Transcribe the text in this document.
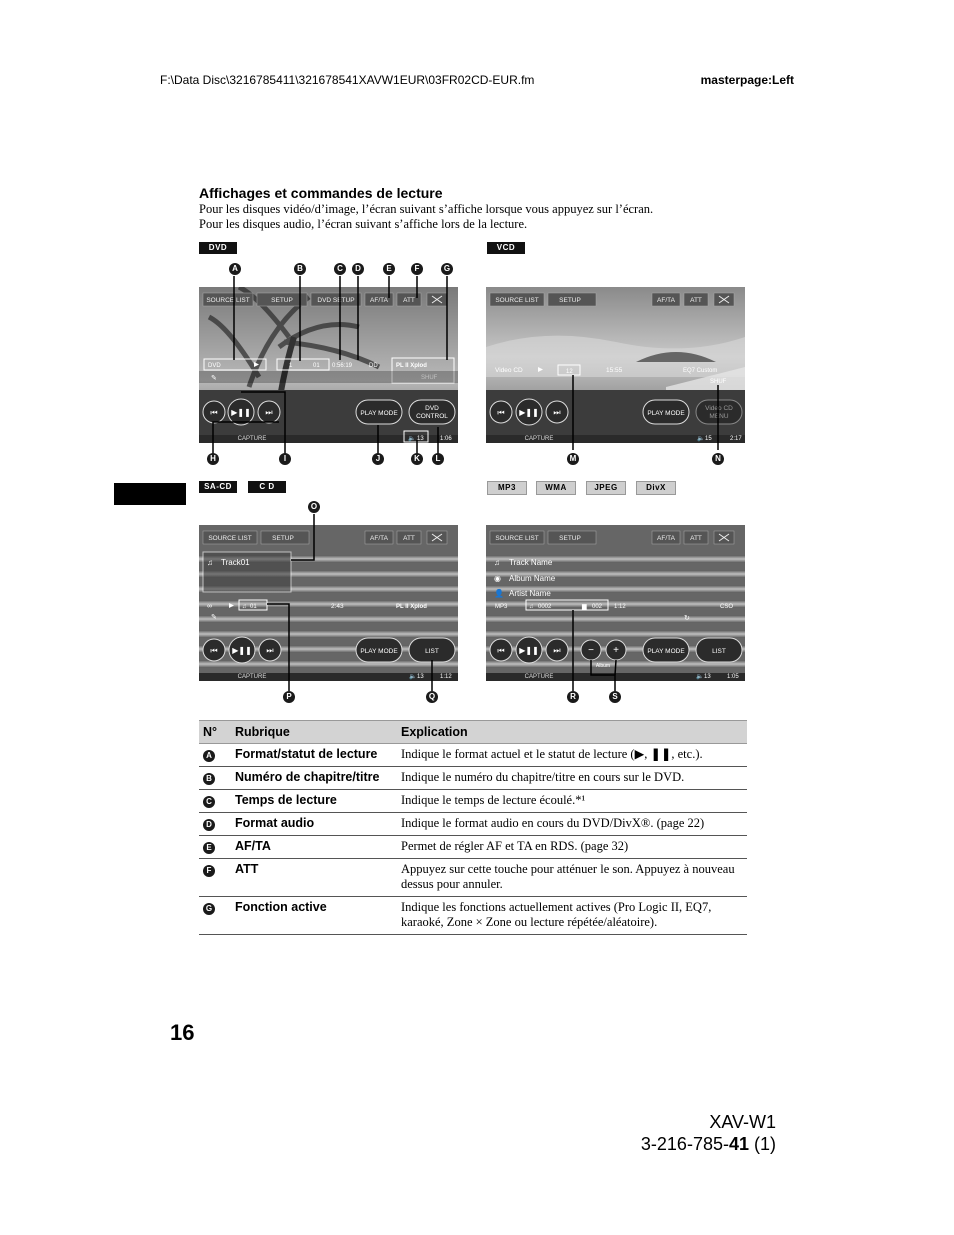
F:\Data Disc\3216785411\321678541XAVW1EUR\03FR02CD-EUR.fm	masterpage:Left
Affichages et commandes de lecture
Pour les disques vidéo/d’image, l’écran suivant s’affiche lorsque vous appuyez sur l’écran.
Pour les disques audio, l’écran suivant s’affiche lors de la lecture.
DVD	VCD
SA-CD	C D	MP3	WMA	JPEG	DivX
SOURCE LIST	SETUP	DVD SETUP AF/TA ATT
DVD	1	01 0:56:19	DD	PL II Xplod
SHUF
✎
⏮ ▶❚❚ ⏭	PLAY MODE
DVD
CONTROL
CAPTURE	🔈 13	1:06
A	B	C	D	E	F	G
H	I	J	K	L
SOURCE LIST	SETUP	AF/TA ATT
Video CD	12	15:55	EQ7 Custom
SHUF
⏮ ▶❚❚ ⏭	PLAY MODE
Video CD
MENU
CAPTURE	🔈 15	2:17
M	N
SOURCE LIST	SETUP	AF/TA ATT
♫ Track01
∞	♫ 01	2:43	PL II Xplod
✎
⏮ ▶❚❚ ⏭	PLAY MODE	LIST
CAPTURE	🔈 13	1:12
O
P	Q
SOURCE LIST	SETUP	AF/TA ATT
♫ Track Name
◉ Album Name
👤 Artist Name
MP3	♫ 0002	▆ 002 1:12	CSO
↻
⏮ ▶❚❚ ⏭	− +
Album
PLAY MODE	LIST
CAPTURE	🔈 13	1:05
R	S
N°	Rubrique	Explication
A	Format/statut de lecture	Indique le format actuel et le statut de lecture (▶, ❚❚, etc.).
B	Numéro de chapitre/titre	Indique le numéro du chapitre/titre en cours sur le DVD.
C	Temps de lecture	Indique le temps de lecture écoulé.*¹
D	Format audio	Indique le format audio en cours du DVD/DivX®. (page 22)
E	AF/TA	Permet de régler AF et TA en RDS. (page 32)
F	ATT	Appuyez sur cette touche pour atténuer le son. Appuyez à nouveau dessus pour annuler.
G	Fonction active	Indique les fonctions actuellement actives (Pro Logic II, EQ7, karaoké, Zone × Zone ou lecture répétée/aléatoire).
16
XAV-W1
3-216-785-41 (1)
